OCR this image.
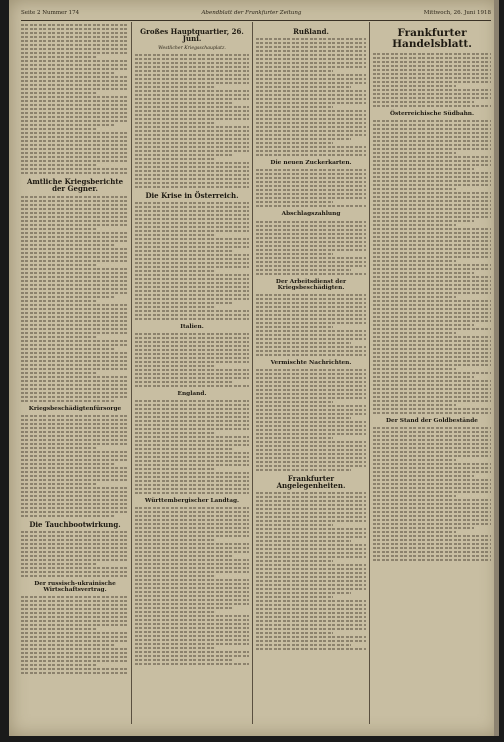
Seite 2 Nummer 174	Abendblatt der Frankfurter Zeitung	Mittwoch, 26. Juni 1918
Amtliche Kriegsberichte der Gegner.
Kriegsbeschädigtenfürsorge
Die Tauchbootwirkung.
Der russisch-ukrainische Wirtschaftsvertrag.
Großes Hauptquartier, 26. Juni.
Westlicher Kriegsschauplatz.
Die Krise in Österreich.
Italien.
England.
Württembergischer Landtag.
Rußland.
Die neuen Zuckerkarten.
Abschlagszahlung
Der Arbeitsdienst der Kriegsbeschädigten.
Vermischte Nachrichten.
Frankfurter Angelegenheiten.
Frankfurter Handelsblatt.
Österreichische Südbahn.
Der Stand der Goldbestände
